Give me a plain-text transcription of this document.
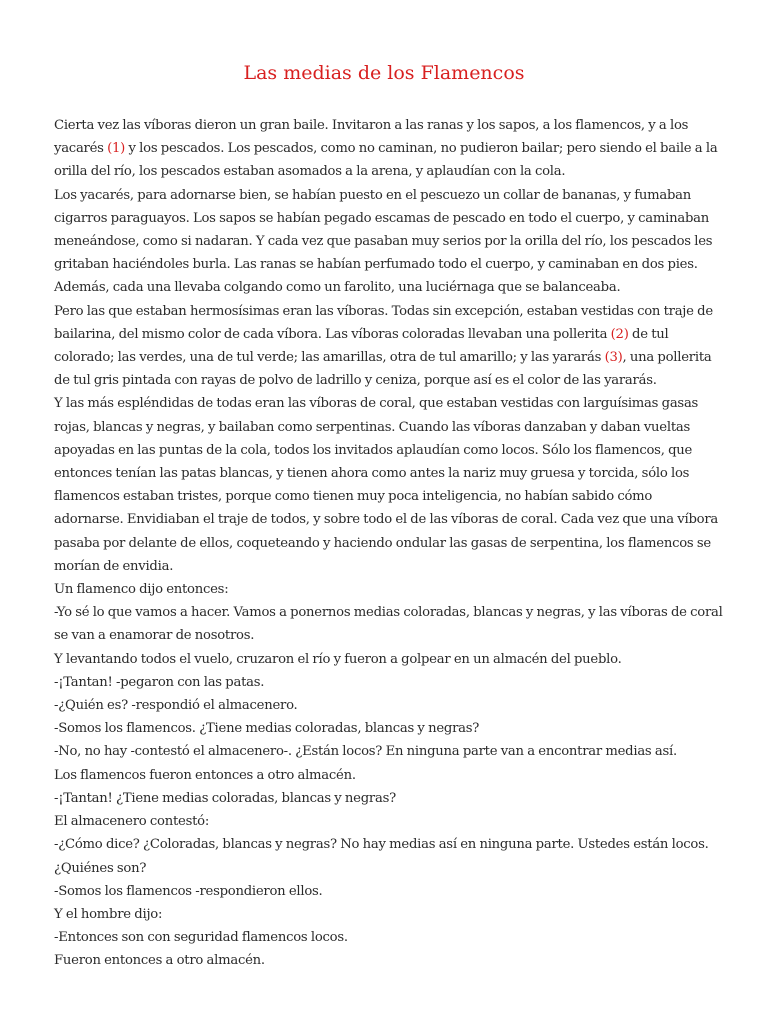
Las medias de los Flamencos

Cierta vez las víboras dieron un gran baile. Invitaron a las ranas y los sapos, a los flamencos, y a los yacarés (1) y los pescados. Los pescados, como no caminan, no pudieron bailar; pero siendo el baile a la orilla del río, los pescados estaban asomados a la arena, y aplaudían con la cola.

Los yacarés, para adornarse bien, se habían puesto en el pescuezo un collar de bananas, y fumaban cigarros paraguayos. Los sapos se habían pegado escamas de pescado en todo el cuerpo, y caminaban meneándose, como si nadaran. Y cada vez que pasaban muy serios por la orilla del río, los pescados les gritaban haciéndoles burla. Las ranas se habían perfumado todo el cuerpo, y caminaban en dos pies. Además, cada una llevaba colgando como un farolito, una luciérnaga que se balanceaba.

Pero las que estaban hermosísimas eran las víboras. Todas sin excepción, estaban vestidas con traje de bailarina, del mismo color de cada víbora. Las víboras coloradas llevaban una pollerita (2) de tul colorado; las verdes, una de tul verde; las amarillas, otra de tul amarillo; y las yararás (3), una pollerita de tul gris pintada con rayas de polvo de ladrillo y ceniza, porque así es el color de las yararás.

Y las más espléndidas de todas eran las víboras de coral, que estaban vestidas con larguísimas gasas rojas, blancas y negras, y bailaban como serpentinas. Cuando las víboras danzaban y daban vueltas apoyadas en las puntas de la cola, todos los invitados aplaudían como locos. Sólo los flamencos, que entonces tenían las patas blancas, y tienen ahora como antes la nariz muy gruesa y torcida, sólo los flamencos estaban tristes, porque como tienen muy poca inteligencia, no habían sabido cómo adornarse. Envidiaban el traje de todos, y sobre todo el de las víboras de coral. Cada vez que una víbora pasaba por delante de ellos, coqueteando y haciendo ondular las gasas de serpentina, los flamencos se morían de envidia.

Un flamenco dijo entonces:

-Yo sé lo que vamos a hacer. Vamos a ponernos medias coloradas, blancas y negras, y las víboras de coral se van a enamorar de nosotros.

Y levantando todos el vuelo, cruzaron el río y fueron a golpear en un almacén del pueblo.

-¡Tantan! -pegaron con las patas.

-¿Quién es? -respondió el almacenero.

-Somos los flamencos. ¿Tiene medias coloradas, blancas y negras?

-No, no hay -contestó el almacenero-. ¿Están locos? En ninguna parte van a encontrar medias así.

Los flamencos fueron entonces a otro almacén.

-¡Tantan! ¿Tiene medias coloradas, blancas y negras?

El almacenero contestó:

-¿Cómo dice? ¿Coloradas, blancas y negras? No hay medias así en ninguna parte. Ustedes están locos. ¿Quiénes son?

-Somos los flamencos -respondieron ellos.

Y el hombre dijo:

-Entonces son con seguridad flamencos locos.

Fueron entonces a otro almacén.
